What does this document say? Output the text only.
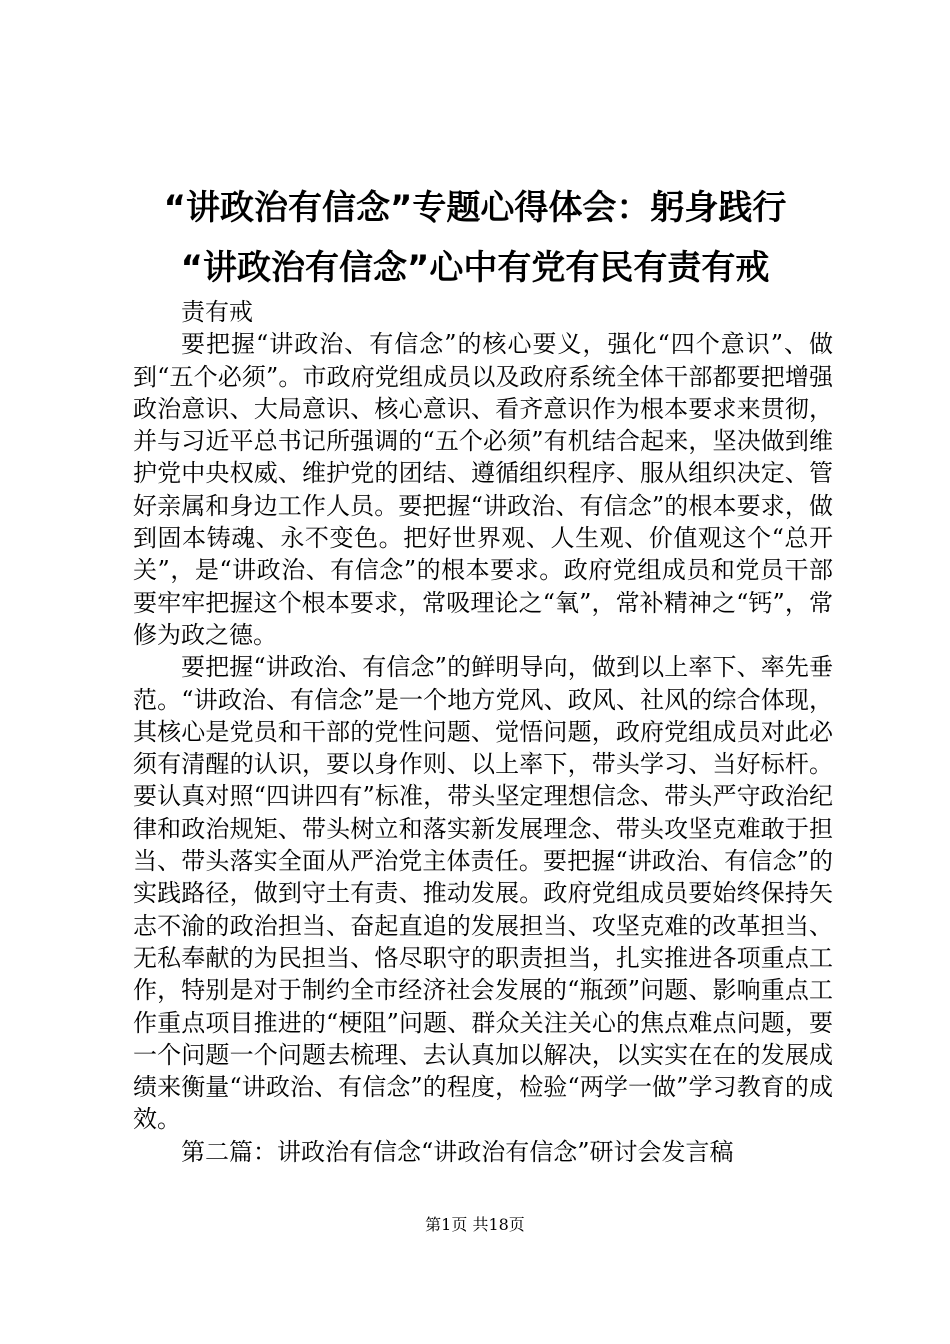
“讲政治有信念”专题心得体会：躬身践行
“讲政治有信念”心中有党有民有责有戒

责有戒

要把握“讲政治、有信念”的核心要义，强化“四个意识”、做到“五个必须”。市政府党组成员以及政府系统全体干部都要把增强政治意识、大局意识、核心意识、看齐意识作为根本要求来贯彻，并与习近平总书记所强调的“五个必须”有机结合起来，坚决做到维护党中央权威、维护党的团结、遵循组织程序、服从组织决定、管好亲属和身边工作人员。要把握“讲政治、有信念”的根本要求，做到固本铸魂、永不变色。把好世界观、人生观、价值观这个“总开关”，是“讲政治、有信念”的根本要求。政府党组成员和党员干部要牢牢把握这个根本要求，常吸理论之“氧”，常补精神之“钙”，常修为政之德。

要把握“讲政治、有信念”的鲜明导向，做到以上率下、率先垂范。“讲政治、有信念”是一个地方党风、政风、社风的综合体现，其核心是党员和干部的党性问题、觉悟问题，政府党组成员对此必须有清醒的认识，要以身作则、以上率下，带头学习、当好标杆。要认真对照“四讲四有”标准，带头坚定理想信念、带头严守政治纪律和政治规矩、带头树立和落实新发展理念、带头攻坚克难敢于担当、带头落实全面从严治党主体责任。要把握“讲政治、有信念”的实践路径，做到守土有责、推动发展。政府党组成员要始终保持矢志不渝的政治担当、奋起直追的发展担当、攻坚克难的改革担当、无私奉献的为民担当、恪尽职守的职责担当，扎实推进各项重点工作，特别是对于制约全市经济社会发展的“瓶颈”问题、影响重点工作重点项目推进的“梗阻”问题、群众关注关心的焦点难点问题，要一个问题一个问题去梳理、去认真加以解决，以实实在在的发展成绩来衡量“讲政治、有信念”的程度，检验“两学一做”学习教育的成效。

第二篇：讲政治有信念“讲政治有信念”研讨会发言稿

第1页 共18页
